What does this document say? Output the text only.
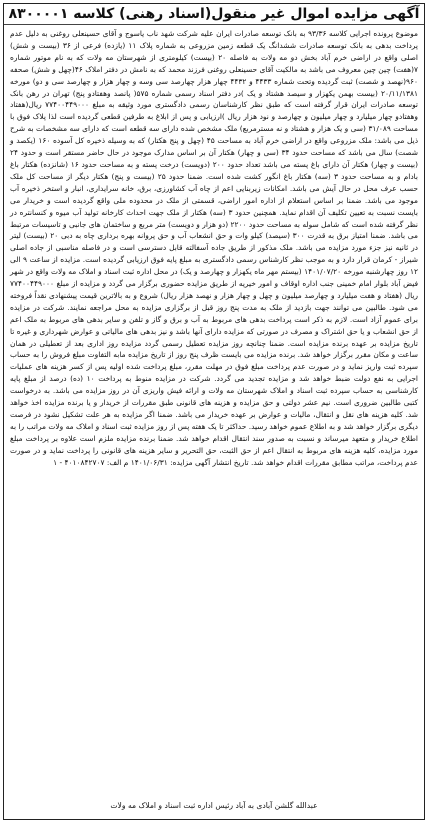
آگهی مزایده اموال غیر منقول(اسناد رهنی) کلاسه ۸۳۰۰۰۰۱

موضوع پرونده اجرایی کلاسه ۹۳/۳۶ به بانک توسعه صادرات ایران علیه شرکت شهد ناب یاسوج و آقای حسینعلی روغنی به دلیل عدم پرداخت بدهی به بانک توسعه صادرات ششدانگ یک قطعه زمین مزروعی به شماره پلاک ۱۱ (یازده) فرعی از ۳۶ (بیست و شش) اصلی واقع در اراضی خرم آباد بخش دو مه ولات به فاصله ۲۰ (بیست) کیلومتری از شهرستان مه ولات که به نام موتور شماره ۷(هفت) چین چین معروف می باشد به مالکیت آقای حسینعلی روغنی فرزند محمد که به نامش در دفتر املاک ۴۶(چهل و شش) صحفه ۹۶۰(نهصد و شصت) ثبت گردیده وتحت شماره ۴۴۳۳ و ۴۴۳۲ چهار هزار چهارصد سی وسه و چهار هزار و چهارصد سی و دو) مورخه ۲۰/۱۱/۱۳۸۱ (بیست بهمن یکهزار و سیصد هشتاد و یک )در دفتر اسناد رسمی شماره ۵۷۵( پانصد وهفتادو پنج) تهران در رهن بانک توسعه صادرات ایران قرار گرفته است که طبق نظر کارشناسان رسمی دادگستری مورد وثیقه به مبلغ ۷۷۴۰۰۴۴۹۰۰۰ ریال(هفتاد وهفتادو چهار میلیارد و چهار میلیون و چهارصد و نود هزار ریال )ارزیابی و پس از ابلاغ به طرفین قطعی گردیده است لذا پلاک فوق با مساحت ۳۱/۰۸۹ (سی و یک هزار و هشتاد و نه مسترمربع) ملک مشخص شده دارای سه قطعه است که دارای سه مشخصات به شرح ذیل می باشد: ملک مزروعی واقع در اراضی خرم آباد به مساحت ۴۵ (چهل و پنج هکتار) که به وسیله ذخیره کل آسوده ۱۶۰ (یکصد و شصت) سال می باشد که مساحت حدود ۳۴ (سی و چهار) هکتار آن بر اساس مدارک موجود در حال حاضر مستقر است و حدود ۲۴ (بیست و چهار) هکتار آن دارای باغ پسته می باشد تعداد حدود ۲۰۰ (دویست) درخت پسته و به مساحت حدود ۱۶ (شانزده) هکتار باغ بادام و به مساحت حدود ۳ (سه) هکتار باغ انگور کشت شده است. ضمنا حدود ۲۵ (بیست و پنج) هکتار دیگر از مساحت کل ملک حسب عرف محل در حال آیش می باشد. امکانات زیربنایی اعم از چاه آب کشاورزی، برق، خانه سرایداری، انبار و استخر ذخیره آب موجود می باشد. ضمنا بر اساس استعلام از اداره امور اراضی، قسمتی از ملک در محدوده ملی واقع گردیده است و خریدار می بایست نسبت به تعیین تکلیف آن اقدام نماید. همچنین حدود ۳ (سه) هکتار از ملک جهت احداث کارخانه تولید آب میوه و کنسانتره در نظر گرفته شده است که شامل سوله به مساحت حدود ۲۲۰۰ (دو هزار و دویست) متر مربع و ساختمان های جانبی و تاسیسات مرتبط می باشد. ضمنا امتیاز برق به قدرت ۳۰۰ (سیصد) کیلو وات و حق انشعاب آب و حق پروانه بهره برداری چاه به دبی ۲۰ (بیست) لیتر در ثانیه نیز جزء مورد مزایده می باشد. ملک مذکور از طریق جاده آسفالته قابل دسترسی است و در فاصله مناسبی از جاده اصلی شیراز - کرمان قرار دارد و به موجب نظر کارشناس رسمی دادگستری به مبلغ پایه فوق ارزیابی گردیده است. مزایده از ساعت ۹ الی ۱۲ روز چهارشنبه مورخه ۱۴۰۱/۰۷/۲۰ (بیستم مهر ماه یکهزار و چهارصد و یک) در محل اداره ثبت اسناد و املاک مه ولات واقع در شهر فیض آباد بلوار امام خمینی جنب اداره اوقاف و امور خیریه از طریق مزایده حضوری برگزار می گردد و مزایده از مبلغ ۷۷۴۰۰۴۴۹۰۰۰ ریال (هفتاد و هفت میلیارد و چهارصد میلیون و چهل و چهار هزار و نهصد هزار ریال) شروع و به بالاترین قیمت پیشنهادی نقداً فروخته می شود. طالبین می توانند جهت بازدید از ملک به مدت پنج روز قبل از برگزاری مزایده به محل مراجعه نمایند. شرکت در مزایده برای عموم آزاد است. لازم به ذکر است پرداخت بدهی های مربوط به آب و برق و گاز و تلفن و سایر بدهی های مربوط به ملک اعم از حق انشعاب و یا حق اشتراک و مصرف در صورتی که مزایده دارای آنها باشد و نیز بدهی های مالیاتی و عوارض شهرداری و غیره تا تاریخ مزایده بر عهده برنده مزایده است. ضمنا چنانچه روز مزایده تعطیل رسمی گردد مزایده روز اداری بعد از تعطیلی در همان ساعت و مکان مقرر برگزار خواهد شد. برنده مزایده می بایست ظرف پنج روز از تاریخ مزایده مابه التفاوت مبلغ فروش را به حساب سپرده ثبت واریز نماید و در صورت عدم پرداخت مبلغ فوق در مهلت مقرر، مبلغ پرداخت شده اولیه پس از کسر هزینه های عملیات اجرایی به نفع دولت ضبط خواهد شد و مزایده تجدید می گردد. شرکت در مزایده منوط به پرداخت ۱۰ (ده) درصد از مبلغ پایه کارشناسی به حساب سپرده ثبت اسناد و املاک شهرستان مه ولات و ارائه فیش واریزی آن در روز مزایده می باشد. به درخواست کتبی طالبین ضروری است. نیم عشر دولتی و حق مزایده و هزینه های قانونی طبق مقررات از خریدار و یا برنده مزایده اخذ خواهد شد. کلیه هزینه های نقل و انتقال، مالیات و عوارض بر عهده خریدار می باشد. ضمنا اگر مزایده به هر علت تشکیل نشود در فرصت دیگری برگزار خواهد شد و به اطلاع عموم خواهد رسید. حداکثر تا یک هفته پس از روز مزایده ثبت اسناد و املاک مه ولات مراتب را به اطلاع خریدار و متعهد میرساند و نسبت به صدور سند انتقال اقدام خواهد شد. ضمنا برنده مزایده ملزم است علاوه بر پرداخت مبلغ مورد مزایده، کلیه هزینه های مربوط به انتقال اعم از حق الثبت، حق التحریر و سایر هزینه های قانونی را پرداخت نماید و در صورت عدم پرداخت، مراتب مطابق مقررات اقدام خواهد شد. تاریخ انتشار آگهی مزایده: ۱۴۰۱/۰۶/۳۱ م الف: ۴۰۱۰۸۴۲۷۰۷ - ۱

عبدالله گلشن آبادی به آباد رئیس اداره ثبت اسناد و املاک مه ولات
